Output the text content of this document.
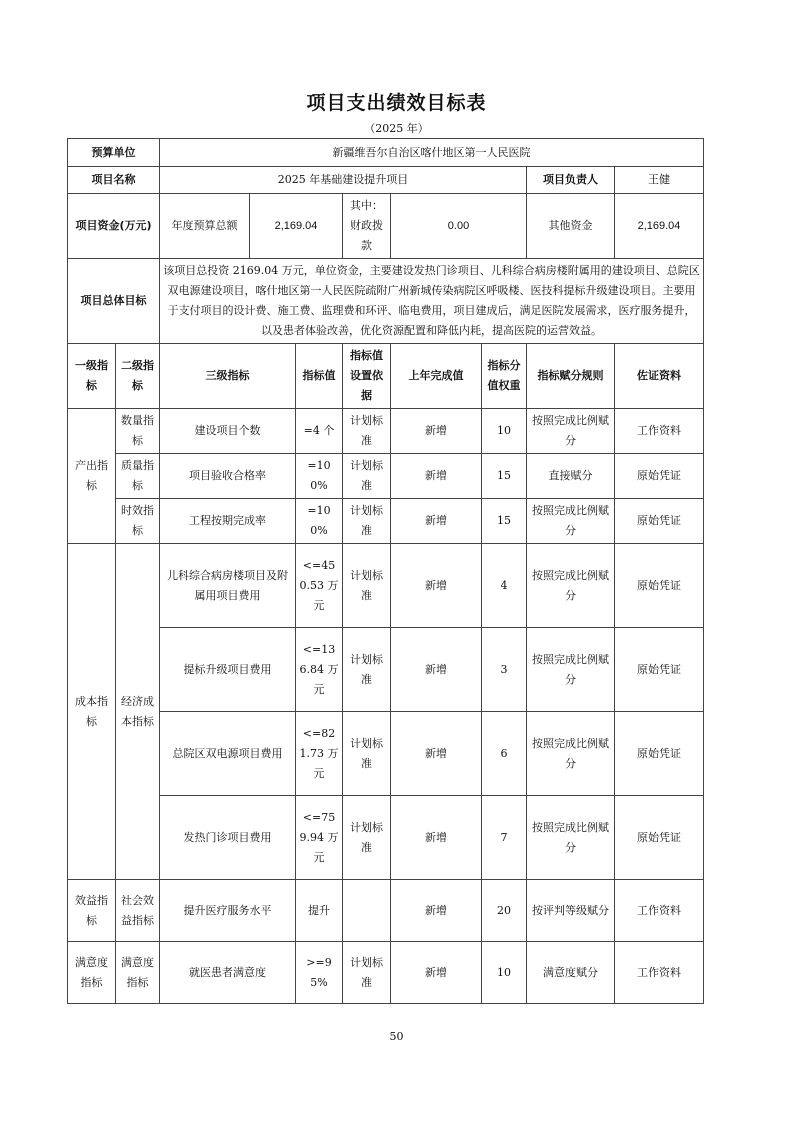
项目支出绩效目标表
（2025 年）
预算单位		新疆维吾尔自治区喀什地区第一人民医院							
项目名称		2025 年基础建设提升项目						项目负责人	王健
项目资金(万元)		年度预算总额	2,169.04		其中：财政拨款	0.00		其他资金	2,169.04
项目总体目标		该项目总投资 2169.04 万元，单位资金，主要建设发热门诊项目、儿科综合病房楼附属用的建设项目、总院区双电源建设项目，喀什地区第一人民医院疏附广州新城传染病院区呼吸楼、医技科提标升级建设项目。主要用于支付项目的设计费、施工费、监理费和环评、临电费用，项目建成后，满足医院发展需求，医疗服务提升，以及患者体验改善，优化资源配置和降低内耗，提高医院的运营效益。							
一级指标	二级指标	三级指标		指标值	指标值设置依据	上年完成值	指标分值权重	指标赋分规则	佐证资料
产出指标	数量指标	建设项目个数		=4 个	计划标准	新增	10	按照完成比例赋分	工作资料
	质量指标	项目验收合格率		=100%	计划标准	新增	15	直接赋分	原始凭证
	时效指标	工程按期完成率		=100%	计划标准	新增	15	按照完成比例赋分	原始凭证
成本指标	经济成本指标	儿科综合病房楼项目及附属用项目费用		<=450.53 万元	计划标准	新增	4	按照完成比例赋分	原始凭证
		提标升级项目费用		<=136.84 万元	计划标准	新增	3	按照完成比例赋分	原始凭证
		总院区双电源项目费用		<=821.73 万元	计划标准	新增	6	按照完成比例赋分	原始凭证
		发热门诊项目费用		<=759.94 万元	计划标准	新增	7	按照完成比例赋分	原始凭证
效益指标	社会效益指标	提升医疗服务水平		提升		新增	20	按评判等级赋分	工作资料
满意度指标	满意度指标	就医患者满意度		>=95%	计划标准	新增	10	满意度赋分	工作资料
50
